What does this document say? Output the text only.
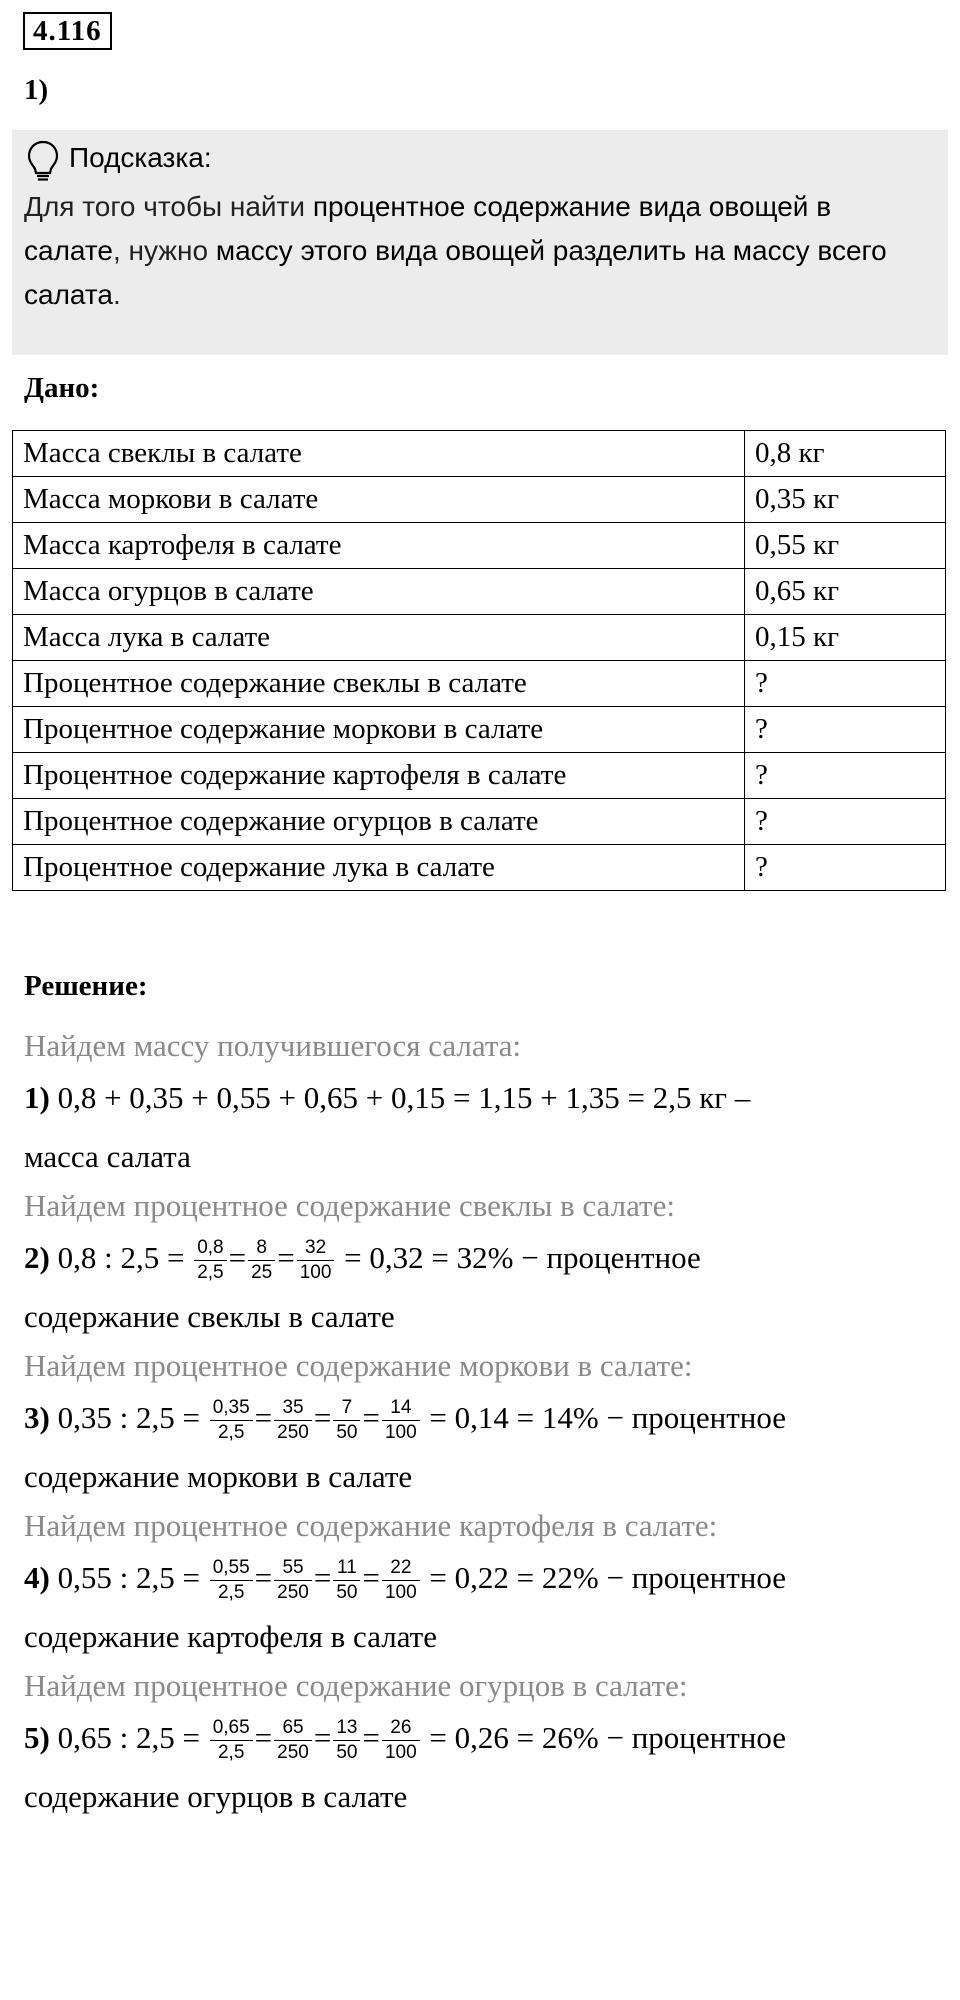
4.116
1)
Подсказка:
Для того чтобы найти процентное содержание вида овощей в салате, нужно массу этого вида овощей разделить на массу всего салата.
Дано:
Масса свеклы в салате	0,8 кг
Масса моркови в салате	0,35 кг
Масса картофеля в салате	0,55 кг
Масса огурцов в салате	0,65 кг
Масса лука в салате	0,15 кг
Процентное содержание свеклы в салате	?
Процентное содержание моркови в салате	?
Процентное содержание картофеля в салате	?
Процентное содержание огурцов в салате	?
Процентное содержание лука в салате	?
Решение:
Найдем массу получившегося салата:
1) 0,8 + 0,35 + 0,55 + 0,65 + 0,15 = 1,15 + 1,35 = 2,5 кг –
масса салата
Найдем процентное содержание свеклы в салате:
2) 0,8 : $2,5 = \frac{0,8}{2,5} = \frac{8}{25} = \frac{32}{100} = 0,32 = 32\%$ − процентное
содержание свеклы в салате
Найдем процентное содержание моркови в салате:
3) 0,35 : $2,5 = \frac{0,35}{2,5} = \frac{35}{250} = \frac{7}{50} = \frac{14}{100} = 0,14 = 14\%$ − процентное
содержание моркови в салате
Найдем процентное содержание картофеля в салате:
4) 0,55 : $2,5 = \frac{0,55}{2,5} = \frac{55}{250} = \frac{11}{50} = \frac{22}{100} = 0,22 = 22\%$ − процентное
содержание картофеля в салате
Найдем процентное содержание огурцов в салате:
5) 0,65 : $2,5 = \frac{0,65}{2,5} = \frac{65}{250} = \frac{13}{50} = \frac{26}{100} = 0,26 = 26\%$ − процентное
содержание огурцов в салате
